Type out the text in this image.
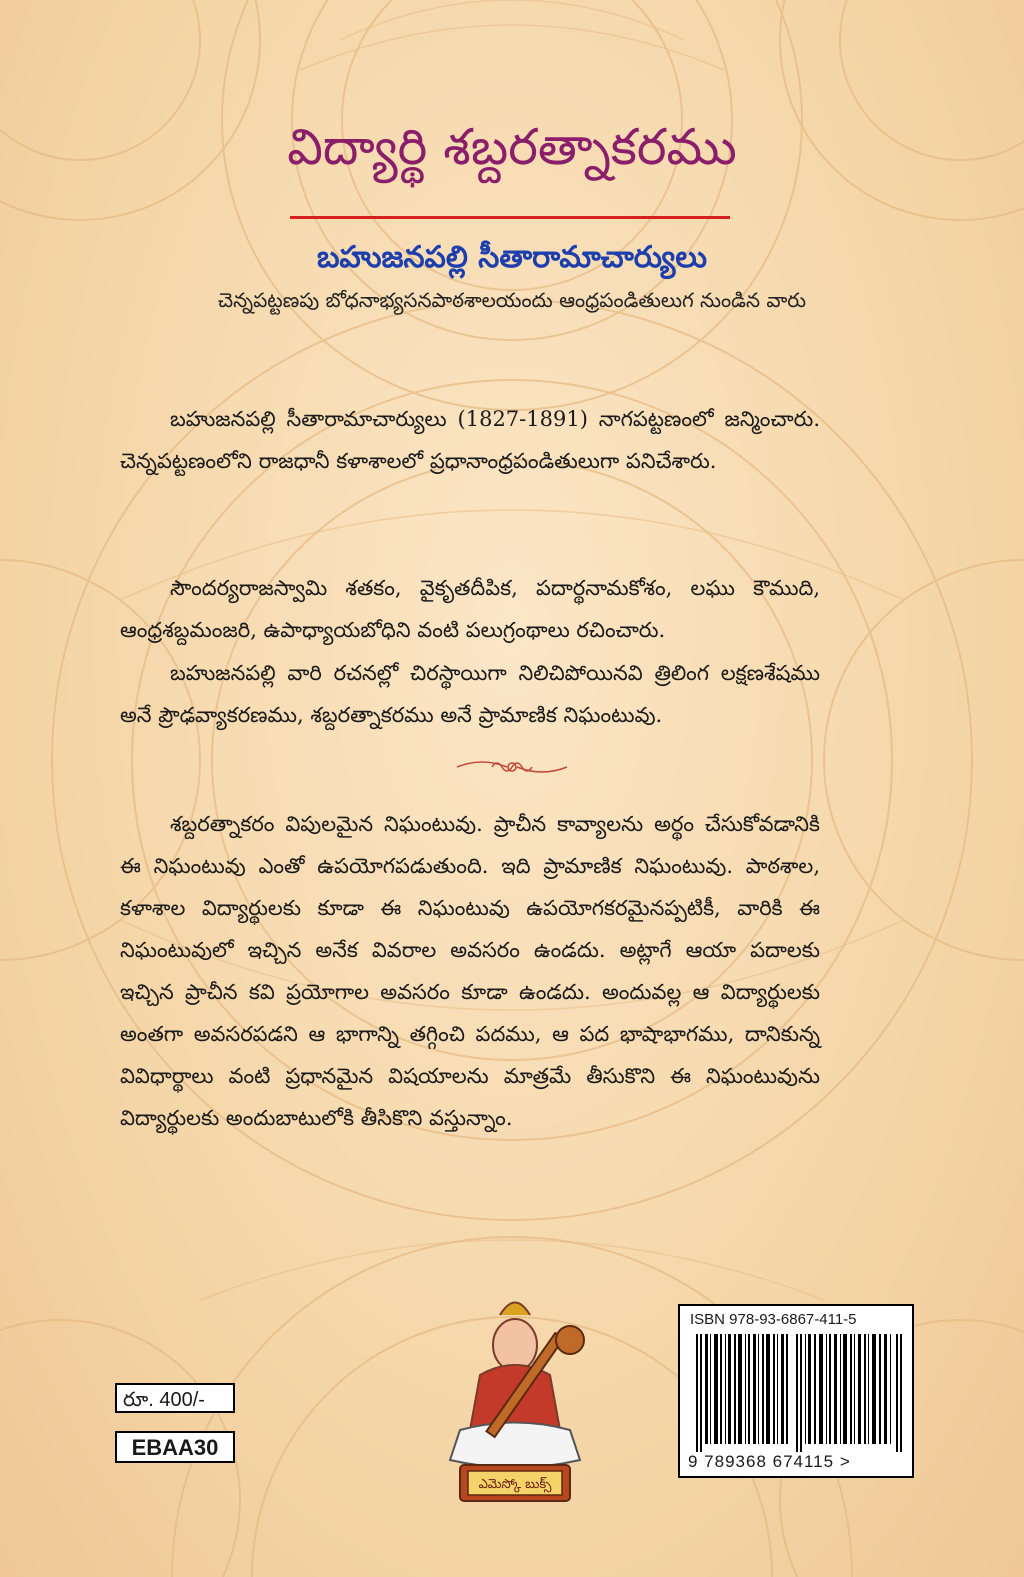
విద్యార్థి శబ్దరత్నాకరము
బహుజనపల్లి సీతారామాచార్యులు
చెన్నపట్టణపు బోధనాభ్యసనపాఠశాలయందు ఆంధ్రపండితులుగ నుండిన వారు

బహుజనపల్లి సీతారామాచార్యులు (1827-1891) నాగపట్టణంలో జన్మించారు. చెన్నపట్టణంలోని రాజధానీ కళాశాలలో ప్రధానాంధ్రపండితులుగా పనిచేశారు.

సౌందర్యరాజస్వామి శతకం, వైకృతదీపిక, పదార్థనామకోశం, లఘు కౌముది, ఆంధ్రశబ్దమంజరి, ఉపాధ్యాయబోధిని వంటి పలుగ్రంథాలు రచించారు.

బహుజనపల్లి వారి రచనల్లో చిరస్థాయిగా నిలిచిపోయినవి త్రిలింగ లక్షణశేషము అనే ప్రౌఢవ్యాకరణము, శబ్దరత్నాకరము అనే ప్రామాణిక నిఘంటువు.

శబ్దరత్నాకరం విపులమైన నిఘంటువు. ప్రాచీన కావ్యాలను అర్థం చేసుకోవడానికి ఈ నిఘంటువు ఎంతో ఉపయోగపడుతుంది. ఇది ప్రామాణిక నిఘంటువు. పాఠశాల, కళాశాల విద్యార్థులకు కూడా ఈ నిఘంటువు ఉపయోగకరమైనప్పటికీ, వారికి ఈ నిఘంటువులో ఇచ్చిన అనేక వివరాల అవసరం ఉండదు. అట్లాగే ఆయా పదాలకు ఇచ్చిన ప్రాచీన కవి ప్రయోగాల అవసరం కూడా ఉండదు. అందువల్ల ఆ విద్యార్థులకు అంతగా అవసరపడని ఆ భాగాన్ని తగ్గించి పదము, ఆ పద భాషాభాగము, దానికున్న వివిధార్థాలు వంటి ప్రధానమైన విషయాలను మాత్రమే తీసుకొని ఈ నిఘంటువును విద్యార్థులకు అందుబాటులోకి తీసికొని వస్తున్నాం.

ఎమెస్కో బుక్స్
రూ. 400/-
EBAA30
ISBN 978-93-6867-411-5
9 789368 674115 >
